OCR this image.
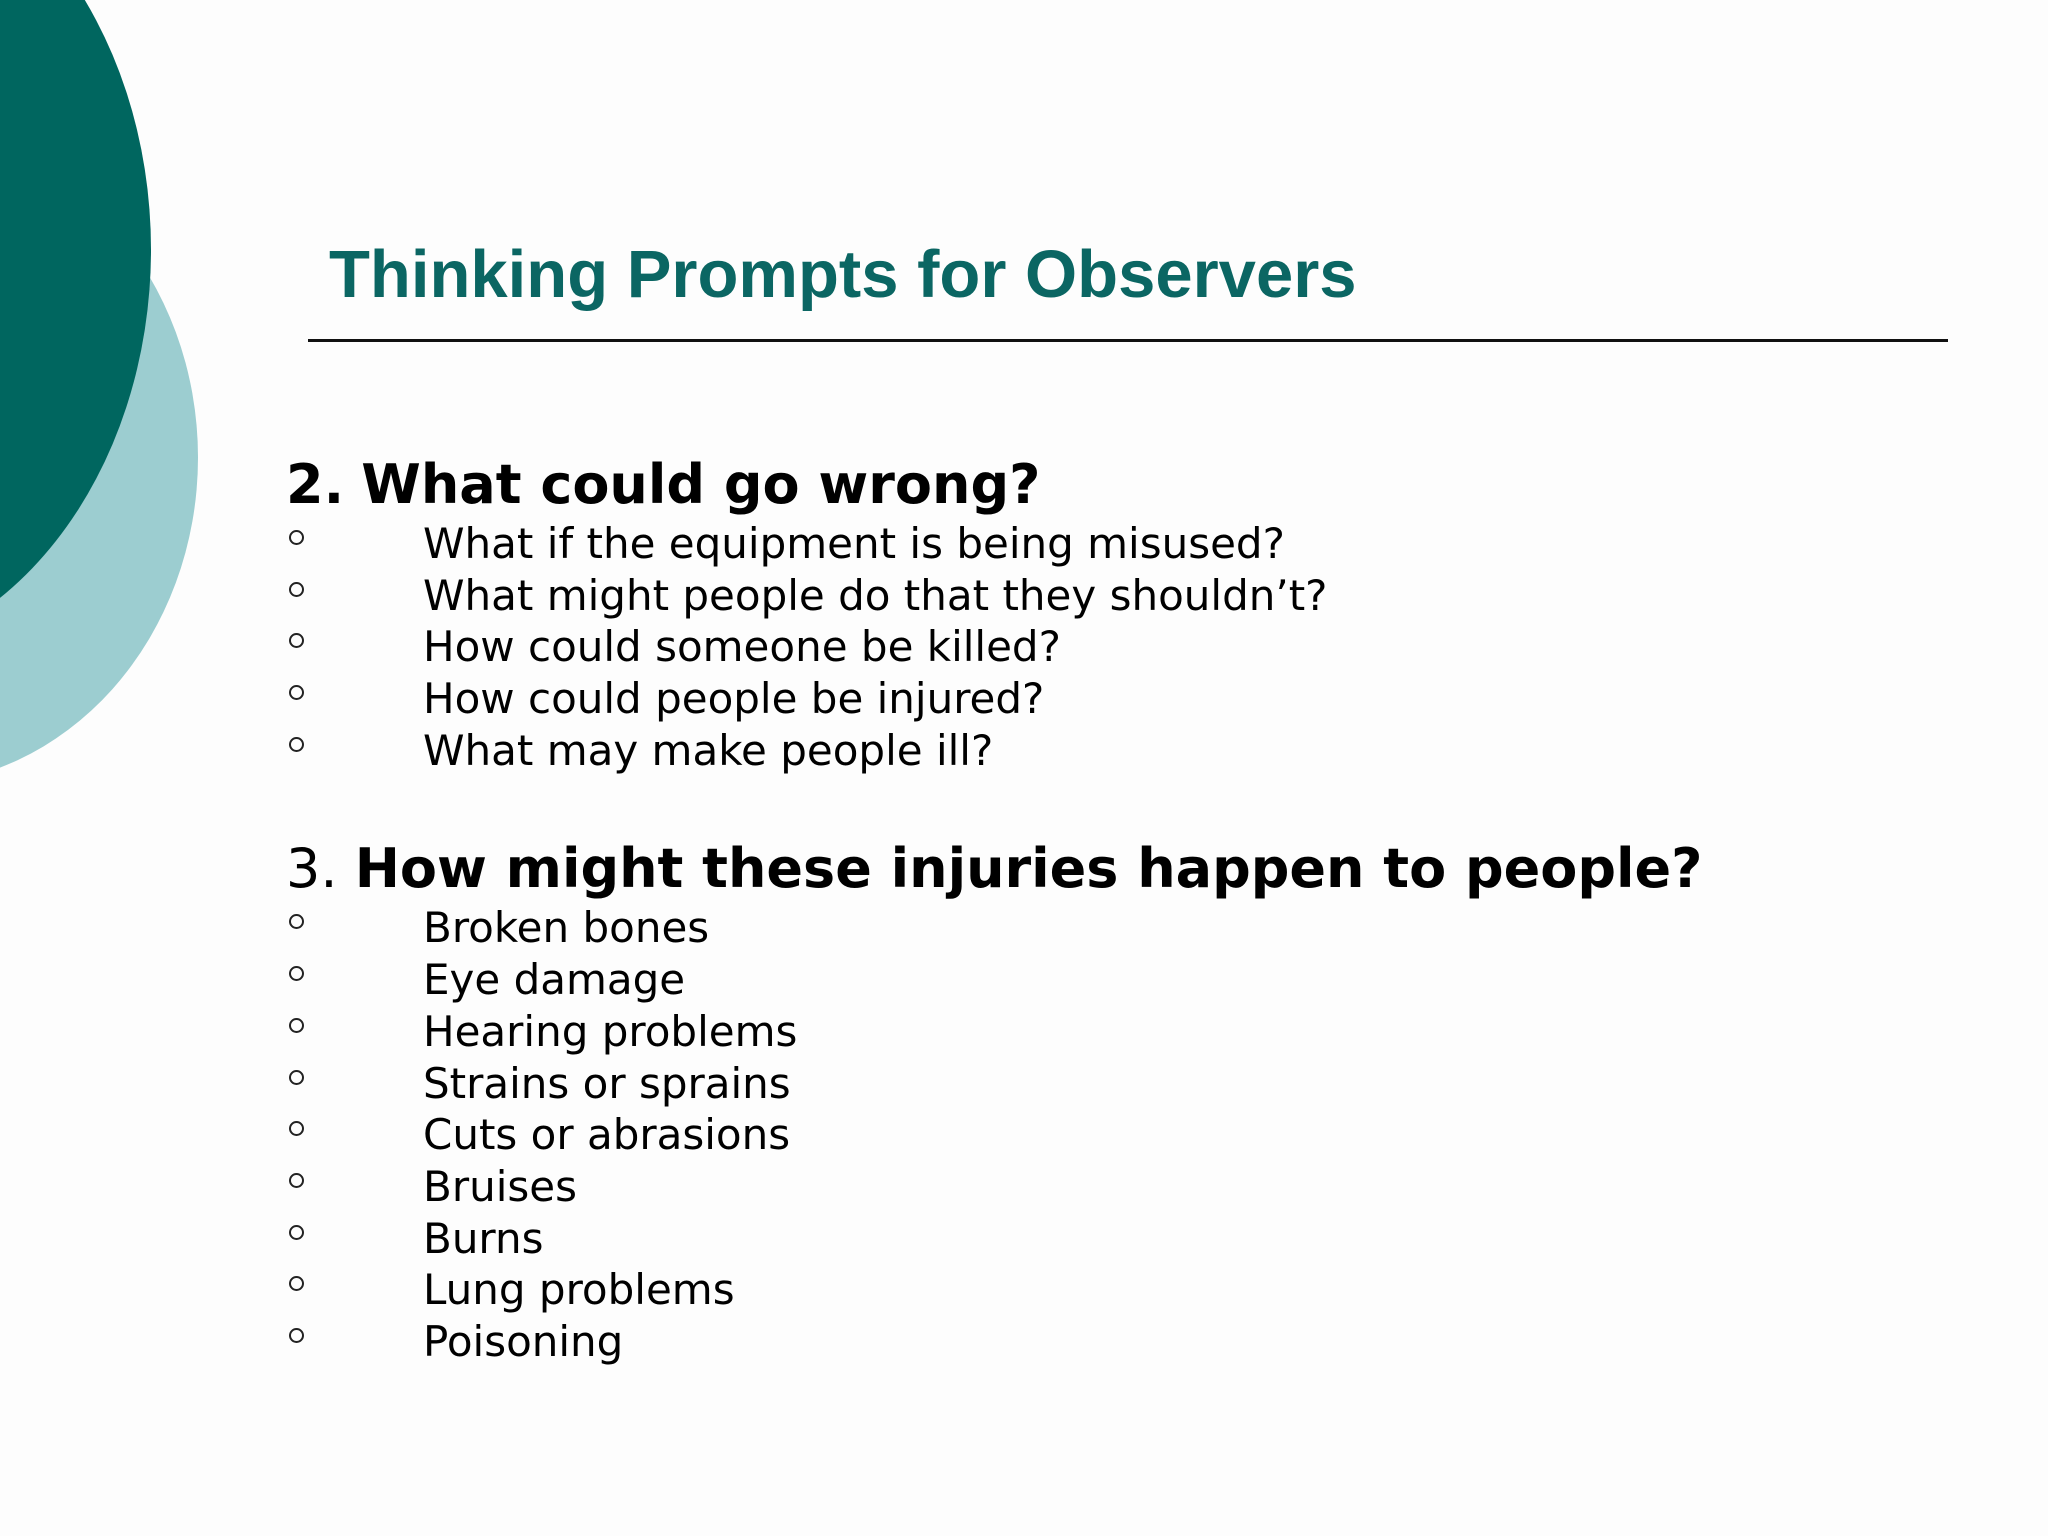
Thinking Prompts for Observers
2. What could go wrong?
What if the equipment is being misused?
What might people do that they shouldn’t?
How could someone be killed?
How could people be injured?
What may make people ill?
3. How might these injuries happen to people?
Broken bones
Eye damage
Hearing problems
Strains or sprains
Cuts or abrasions
Bruises
Burns
Lung problems
Poisoning
